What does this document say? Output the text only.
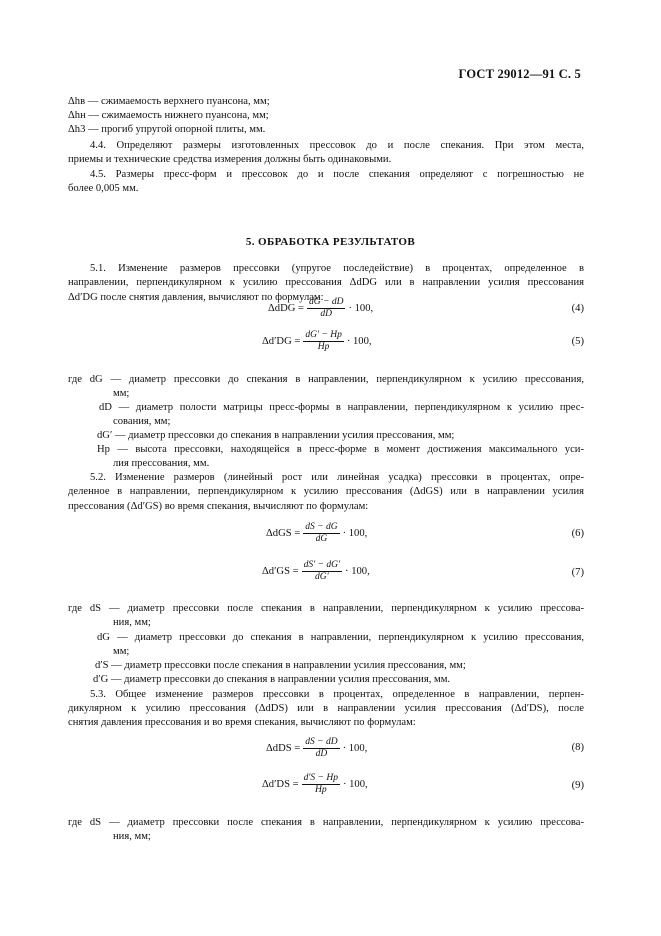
ГОСТ 29012—91 С. 5
Δhв — сжимаемость верхнего пуансона, мм;
Δhн — сжимаемость нижнего пуансона, мм;
Δh3 — прогиб упругой опорной плиты, мм.
4.4. Определяют размеры изготовленных прессовок до и после спекания. При этом места,
приемы и технические средства измерения должны быть одинаковыми.
4.5. Размеры пресс-форм и прессовок до и после спекания определяют с погрешностью не
более 0,005 мм.
5. ОБРАБОТКА РЕЗУЛЬТАТОВ
5.1. Изменение размеров прессовки (упругое последействие) в процентах, определенное в
направлении, перпендикулярном к усилию прессования ΔdDG или в направлении усилия прессования
Δd′DG после снятия давления, вычисляют по формулам:
$\Delta dDG = \frac{dG - dD}{dD} \cdot 100$,	(4)
$\Delta d'DG = \frac{dG' - Hp}{Hp} \cdot 100$,	(5)
где dG — диаметр прессовки до спекания в направлении, перпендикулярном к усилию прессования,
мм;
dD — диаметр полости матрицы пресс-формы в направлении, перпендикулярном к усилию прес-
сования, мм;
dG′ — диаметр прессовки до спекания в направлении усилия прессования, мм;
Hp — высота прессовки, находящейся в пресс-форме в момент достижения максимального уси-
лия прессования, мм.
5.2. Изменение размеров (линейный рост или линейная усадка) прессовки в процентах, опре-
деленное в направлении, перпендикулярном к усилию прессования (ΔdGS) или в направлении усилия
прессования (Δd′GS) во время спекания, вычисляют по формулам:
$\Delta dGS = \frac{dS - dG}{dG} \cdot 100$,	(6)
$\Delta d'GS = \frac{dS' - dG'}{dG'} \cdot 100$,	(7)
где dS — диаметр прессовки после спекания в направлении, перпендикулярном к усилию прессова-
ния, мм;
dG — диаметр прессовки до спекания в направлении, перпендикулярном к усилию прессования,
мм;
d′S — диаметр прессовки после спекания в направлении усилия прессования, мм;
d′G — диаметр прессовки до спекания в направлении усилия прессования, мм.
5.3. Общее изменение размеров прессовки в процентах, определенное в направлении, перпен-
дикулярном к усилию прессования (ΔdDS) или в направлении усилия прессования (Δd′DS), после
снятия давления прессования и во время спекания, вычисляют по формулам:
$\Delta dDS = \frac{dS - dD}{dD} \cdot 100$,	(8)
$\Delta d'DS = \frac{d'S - Hp}{Hp} \cdot 100$,	(9)
где dS — диаметр прессовки после спекания в направлении, перпендикулярном к усилию прессова-
ния, мм;
